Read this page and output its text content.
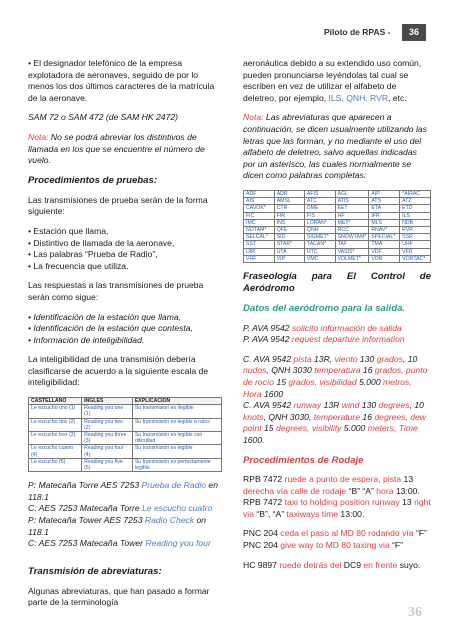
Piloto de RPAS -	36

• El designador telefónico de la empresa explotadora de aeronaves, seguido de por lo menos los dos últimos caracteres de la matrícula de la aeronave.

SAM 72 o SAM 472 (de SAM HK 2472)

Nota: No se podrá abreviar los distintivos de llamada en los que se encuentre el número de vuelo.

Procedimientos de pruebas:

Las transmisiones de prueba serán de la forma siguiente:

• Estación que llama,
• Distintivo de llamada de la aeronave,
• Las palabras “Prueba de Radio”,
• La frecuencia que utiliza.

Las respuestas a las transmisiones de prueba serán como sigue:

• Identificación de la estación que llama,
• Identificación de la estación que contesta,
• Información de inteligibilidad.

La inteligibilidad de una transmisión debería clasificarse de acuerdo a la siguiente escala de inteligibilidad:

CASTELLANO	INGLES	EXPLICACION
Le escucho uno (1)	Reading you one (1)	Su transmisión es ilegible
Le escucho dos (2)	Reading you two (2)	Su transmisión es legible a ratos
Le escucho tres (3)	Reading you three (3)	Su transmisión es legible con dificultad
Le escucho cuatro (4)	Reading you four (4)	Su transmisión es legible
Le escucho (5)	Reading you five (5)	Su transmisión es perfectamente legible

P: Matecaña Torre AES 7253 Prueba de Radio en 118.1
C: AES 7253 Matecaña Torre Le escucho cuatro
P: Matecaña Tower AES 7253 Radio Check on 118.1
C: AES 7253 Matecaña Tower Reading you four

Transmisión de abreviaturas:

Algunas abreviaturas, que han pasado a formar parte de la terminología

aeronáutica debido a su extendido uso común, pueden pronunciarse leyéndolas tal cual se escriben en vez de utilizar el alfabeto de deletreo, por ejemplo, ILS, QNH, RVR, etc.

Nota: Las abreviaturas que aparecen a continuación, se dicen usualmente utilizando las letras que las forman, y no mediante el uso del alfabeto de deletreo, salvo aquellas indicadas por un asterisco, las cuales normalmente se dicen como palabras completas:

ADF	ADR	AFIS	AGL	AIP	*AIRAC
AIS	AMSL	ATC	ATIS	ATS	ATZ
CAVOK*	CTR	DME	EET	ETA	ETD
FIC	FIR	FIS	HF	IFR	ILS
IMC	INS	LORAN*	MET*	MLS	NDB
NOTAM*	QFE	QNH	RCC	RNAV*	RVR
SELCAL*	SID	SIGMET*	SNOWTAM*	SPECIAL*	SSR
SST	STAR*	TACAN*	TAF	TMA	UHF
UIR	UTA	UTC	VASIS*	VDF	VFR
VHF	VIP	VMC	VOLMET*	VOR	VORTAC*
Fraseología para El Control de Aeródromo
Datos del aeródromo para la salida.

P. AVA 9542 solicito información de salida
P. AVA 9542 request departure information

C. AVA 9542 pista 13R, viento 130 grados, 10 nudos, QNH 3030 temperatura 16 grados, punto de rocío 15 grados, visibilidad 5.000 metros, Hora 1600
C. AVA 9542 runway 13R wind 130 degrees, 10 knots, QNH 3030, temperature 16 degrees, dew point 15 degrees, visibility 5.000 meters, Time 1600.

Procedimientos de Rodaje

RPB 7472 ruede a punto de espera, pista 13 derecha vía calle de rodaje “B” “A” hora 13:00.
RPB 7472 taxi to holding position runway 13 right via “B”, “A” taxiways time 13:00.

PNC 204 ceda el paso al MD 80 rodando vía “F”
PNC 204 give way to MD 80 taxing via “F”

HC 9897 ruede detrás del DC9 en frente suyo.

36
